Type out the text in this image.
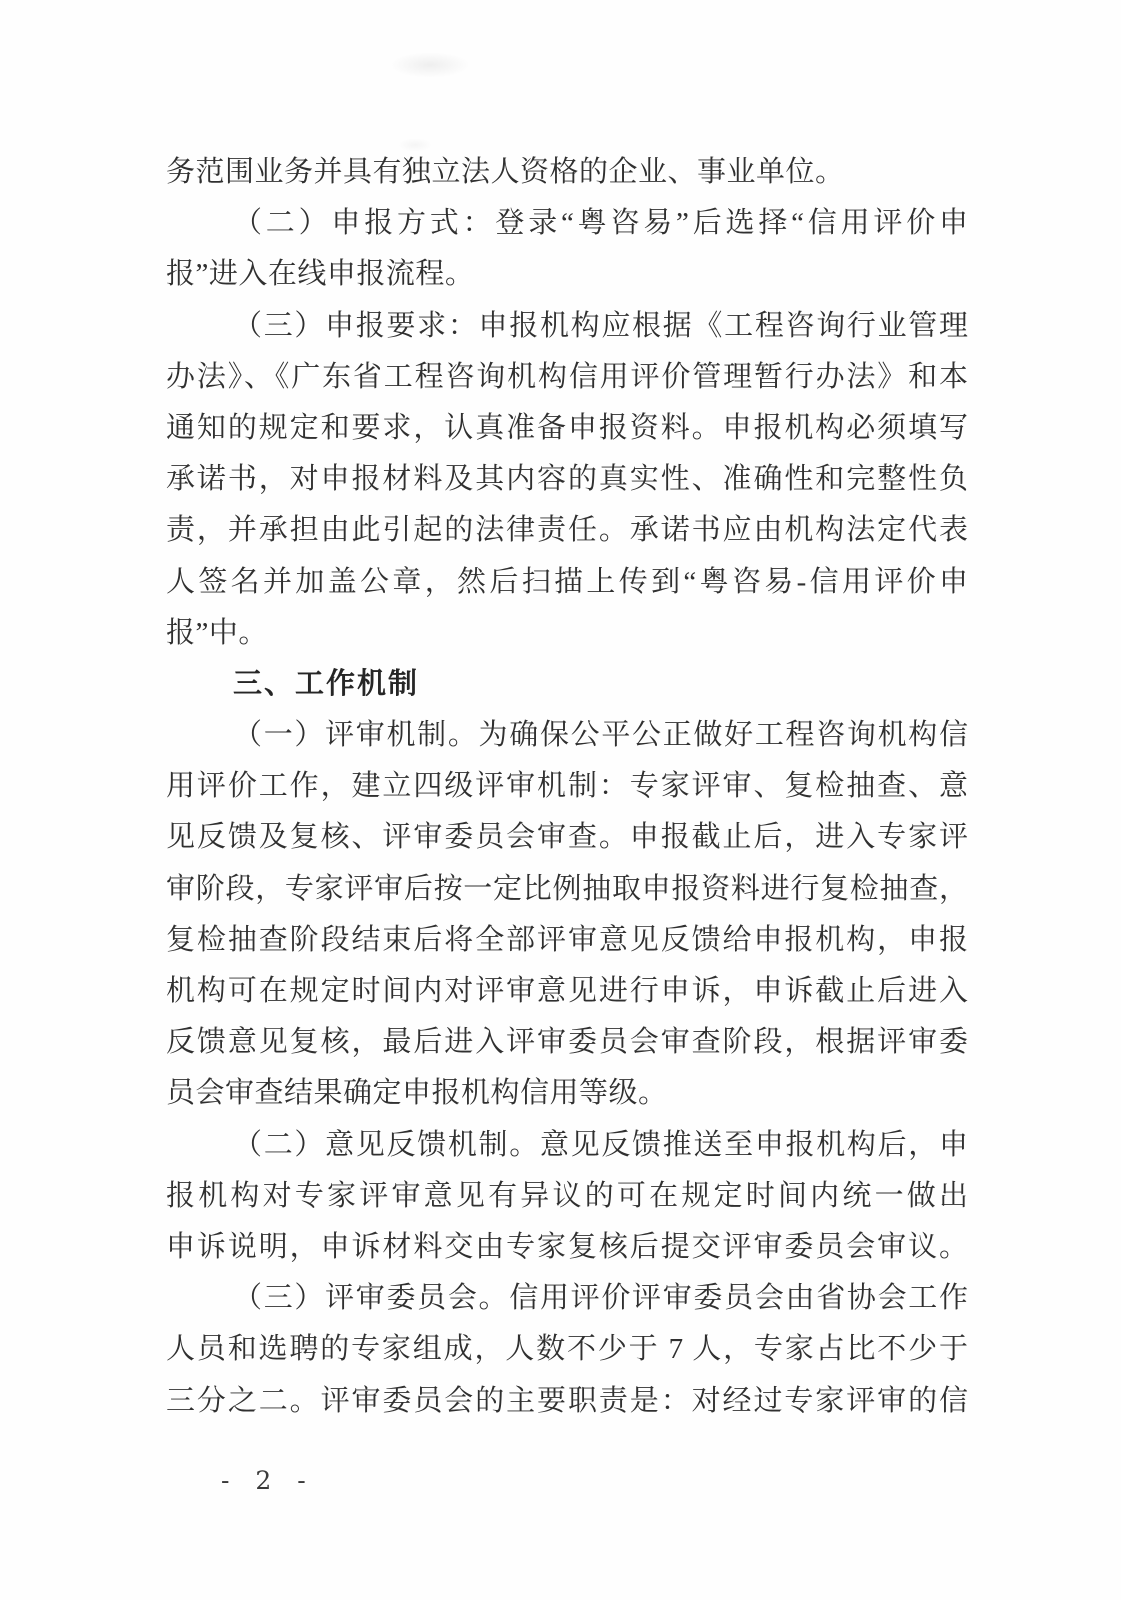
务范围业务并具有独立法人资格的企业、事业单位。
（二）申报方式：登录“粤咨易”后选择“信用评价申
报”进入在线申报流程。
（三）申报要求：申报机构应根据《工程咨询行业管理
办法》、《广东省工程咨询机构信用评价管理暂行办法》和本
通知的规定和要求，认真准备申报资料。申报机构必须填写
承诺书，对申报材料及其内容的真实性、准确性和完整性负
责，并承担由此引起的法律责任。承诺书应由机构法定代表
人签名并加盖公章，然后扫描上传到“粤咨易-信用评价申
报”中。
三、工作机制
（一）评审机制。为确保公平公正做好工程咨询机构信
用评价工作，建立四级评审机制：专家评审、复检抽查、意
见反馈及复核、评审委员会审查。申报截止后，进入专家评
审阶段，专家评审后按一定比例抽取申报资料进行复检抽查，
复检抽查阶段结束后将全部评审意见反馈给申报机构，申报
机构可在规定时间内对评审意见进行申诉，申诉截止后进入
反馈意见复核，最后进入评审委员会审查阶段，根据评审委
员会审查结果确定申报机构信用等级。
（二）意见反馈机制。意见反馈推送至申报机构后，申
报机构对专家评审意见有异议的可在规定时间内统一做出
申诉说明，申诉材料交由专家复核后提交评审委员会审议。
（三）评审委员会。信用评价评审委员会由省协会工作
人员和选聘的专家组成，人数不少于 7 人，专家占比不少于
三分之二。评审委员会的主要职责是：对经过专家评审的信
- 2 -
